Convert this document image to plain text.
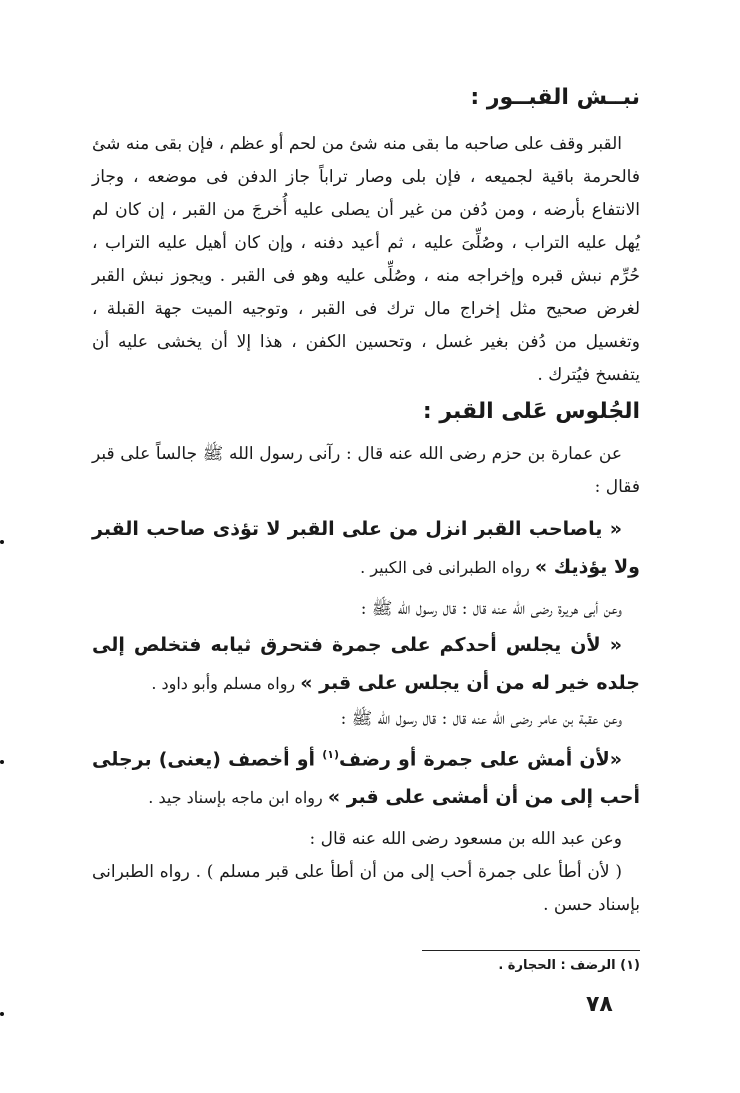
نبــش القبــور :

القبر وقف على صاحبه ما بقى منه شئ من لحم أو عظم ، فإن بقى منه شئ فالحرمة باقية لجميعه ، فإن بلى وصار تراباً جاز الدفن فى موضعه ، وجاز الانتفاع بأرضه ، ومن دُفن من غير أن يصلى عليه أُخرجَ من القبر ، إن كان لم يُهل عليه التراب ، وصُلِّىَ عليه ، ثم أعيد دفنه ، وإن كان أهيل عليه التراب ، حُرِّم نبش قبره وإخراجه منه ، وصُلِّى عليه وهو فى القبر . ويجوز نبش القبر لغرض صحيح مثل إخراج مال ترك فى القبر ، وتوجيه الميت جهة القبلة ، وتغسيل من دُفن بغير غسل ، وتحسين الكفن ، هذا إلا أن يخشى عليه أن يتفسخ فيُترك .

الجُلوس عَلى القبر :

عن عمارة بن حزم رضى الله عنه قال : رآنى رسول الله ﷺ جالساً على قبر فقال :

« ياصاحب القبر انزل من على القبر لا تؤذى صاحب القبر ولا يؤذيك » رواه الطبرانى فى الكبير .

وعن أبى هريرة رضى الله عنه قال : قال رسول الله ﷺ :

« لأن يجلس أحدكم على جمرة فتحرق ثيابه فتخلص إلى جلده خير له من أن يجلس على قبر » رواه مسلم وأبو داود .

وعن عقبة بن عامر رضى الله عنه قال : قال رسول الله ﷺ :

«لأن أمش على جمرة أو رضف$^{(١)}$ أو أخصف (يعنى) برجلى أحب إلى من أن أمشى على قبر » رواه ابن ماجه بإسناد جيد .

وعن عبد الله بن مسعود رضى الله عنه قال :

( لأن أطأ على جمرة أحب إلى من أن أطأ على قبر مسلم ) . رواه الطبرانى بإسناد حسن .

(١) الرضف : الحجارة .
٧٨
